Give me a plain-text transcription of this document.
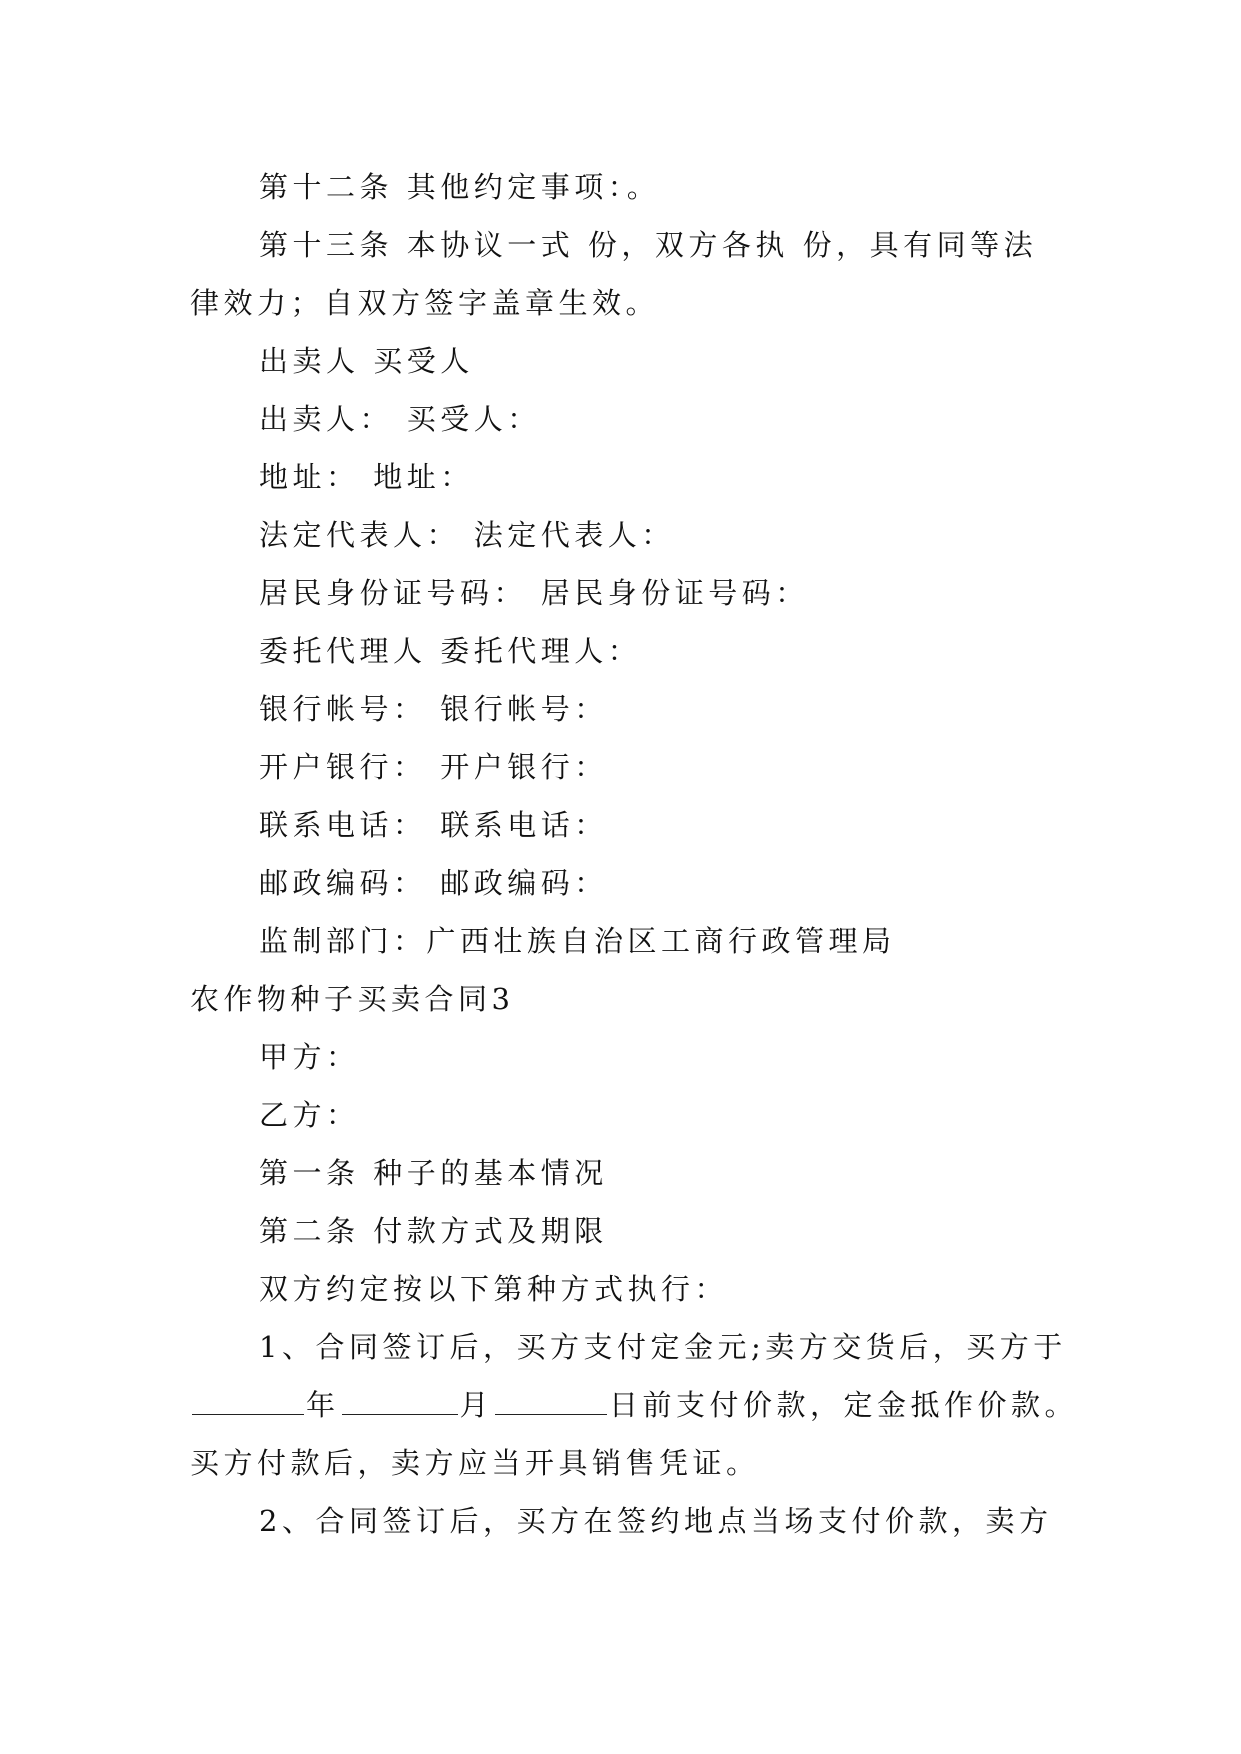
第十二条 其他约定事项：。
第十三条 本协议一式 份，双方各执 份，具有同等法
律效力；自双方签字盖章生效。
出卖人 买受人
出卖人： 买受人：
地址： 地址：
法定代表人： 法定代表人：
居民身份证号码： 居民身份证号码：
委托代理人 委托代理人：
银行帐号： 银行帐号：
开户银行： 开户银行：
联系电话： 联系电话：
邮政编码： 邮政编码：
监制部门：广西壮族自治区工商行政管理局
农作物种子买卖合同3
甲方：
乙方：
第一条 种子的基本情况
第二条 付款方式及期限
双方约定按以下第种方式执行：
1、合同签订后，买方支付定金元;卖方交货后，买方于
年	月	日前支付价款，定金抵作价款。
买方付款后，卖方应当开具销售凭证。
2、合同签订后，买方在签约地点当场支付价款，卖方
